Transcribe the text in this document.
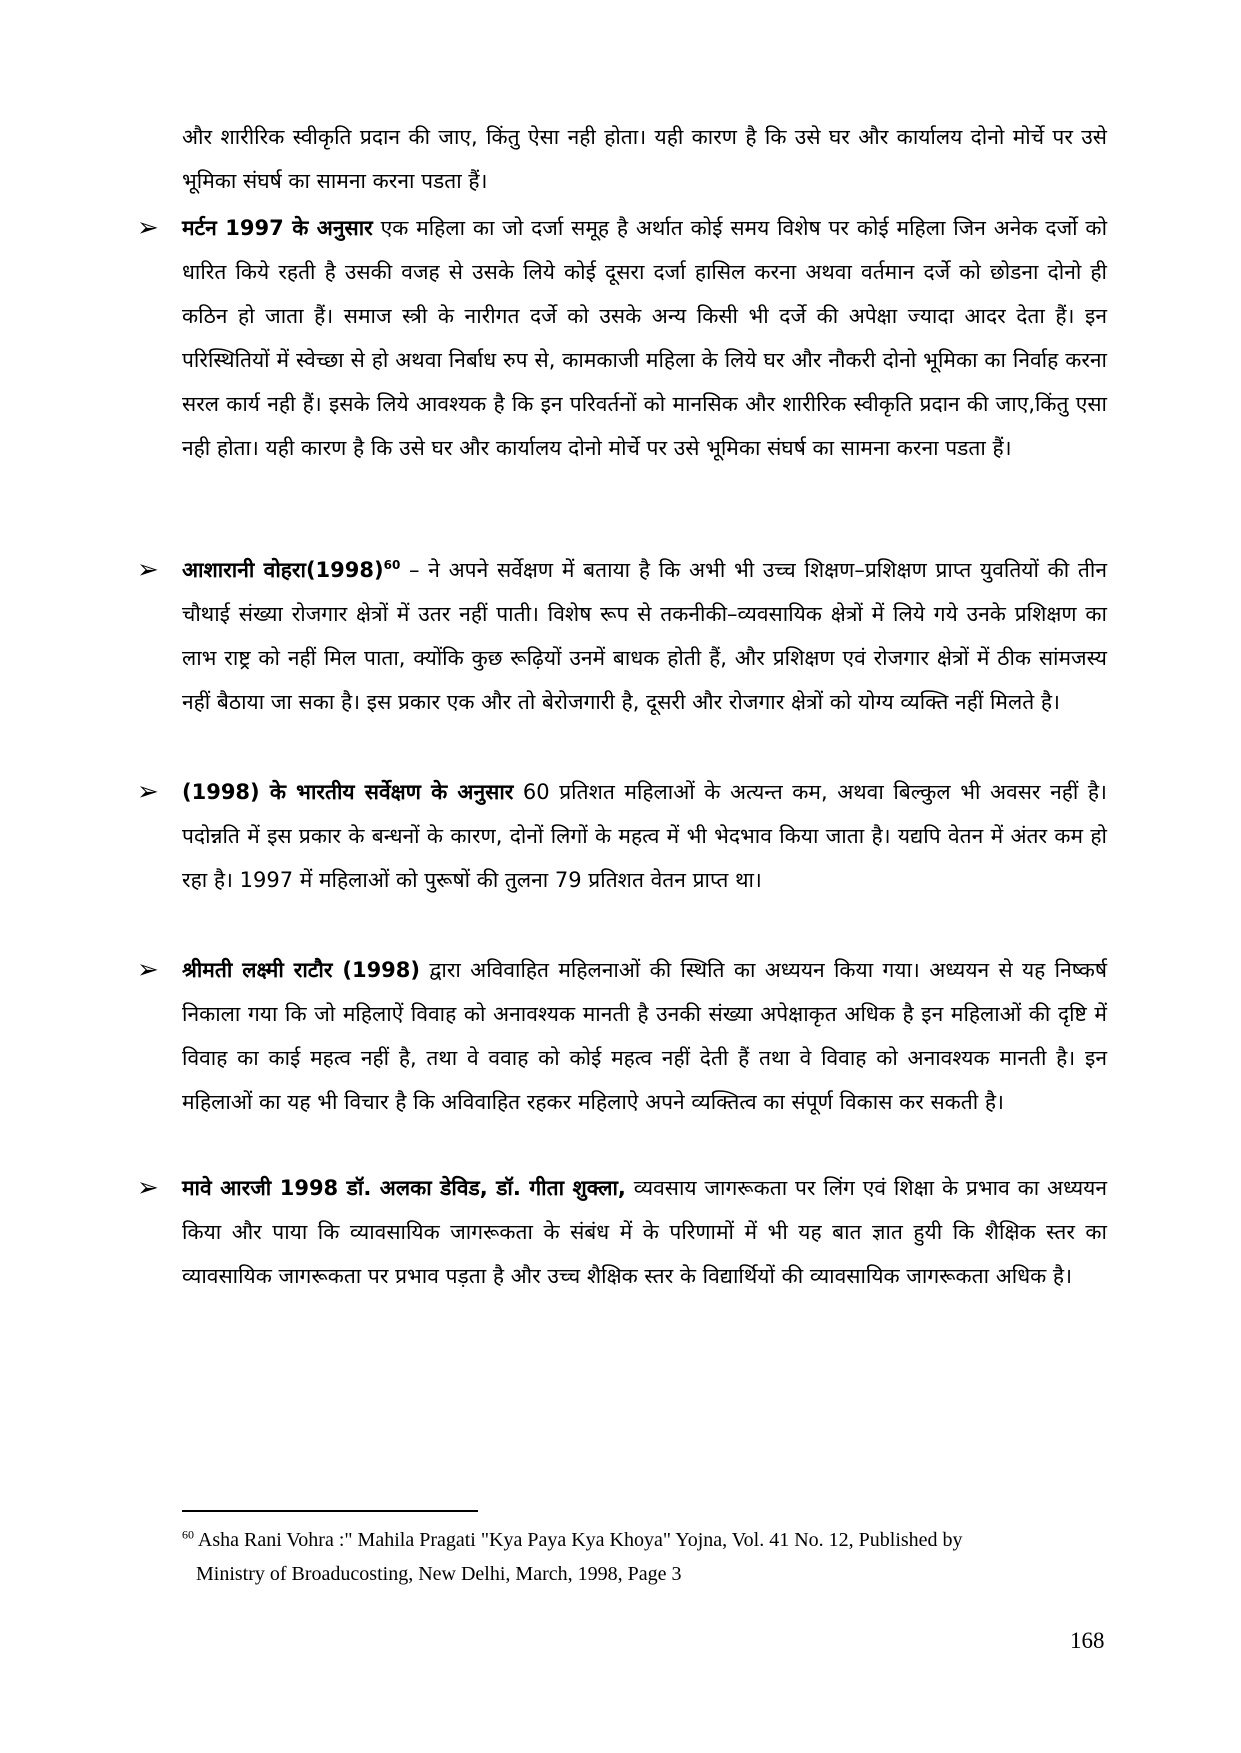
और शारीरिक स्वीकृति प्रदान की जाए, किंतु ऐसा नही होता। यही कारण है कि उसे घर और कार्यालय दोनो मोर्चे पर उसे भूमिका संघर्ष का सामना करना पडता हैं।
➢	मर्टन 1997 के अनुसार एक महिला का जो दर्जा समूह है अर्थात कोई समय विशेष पर कोई महिला जिन अनेक दर्जो को धारित किये रहती है उसकी वजह से उसके लिये कोई दूसरा दर्जा हासिल करना अथवा वर्तमान दर्जे को छोडना दोनो ही कठिन हो जाता हैं। समाज स्त्री के नारीगत दर्जे को उसके अन्य किसी भी दर्जे की अपेक्षा ज्यादा आदर देता हैं। इन परिस्थितियों में स्वेच्छा से हो अथवा निर्बाध रुप से, कामकाजी महिला के लिये घर और नौकरी दोनो भूमिका का निर्वाह करना सरल कार्य नही हैं। इसके लिये आवश्यक है कि इन परिवर्तनों को मानसिक और शारीरिक स्वीकृति प्रदान की जाए,किंतु एसा नही होता। यही कारण है कि उसे घर और कार्यालय दोनो मोर्चे पर उसे भूमिका संघर्ष का सामना करना पडता हैं।
➢	आशारानी $वोहरा(1998)^{60}$ – ने अपने सर्वेक्षण में बताया है कि अभी भी उच्च शिक्षण–प्रशिक्षण प्राप्त युवतियों की तीन चौथाई संख्या रोजगार क्षेत्रों में उतर नहीं पाती। विशेष रूप से तकनीकी–व्यवसायिक क्षेत्रों में लिये गये उनके प्रशिक्षण का लाभ राष्ट्र को नहीं मिल पाता, क्योंकि कुछ रूढ़ियों उनमें बाधक होती हैं, और प्रशिक्षण एवं रोजगार क्षेत्रों में ठीक सांमजस्य नहीं बैठाया जा सका है। इस प्रकार एक और तो बेरोजगारी है, दूसरी और रोजगार क्षेत्रों को योग्य व्यक्ति नहीं मिलते है।
➢	(1998) के भारतीय सर्वेक्षण के अनुसार 60 प्रतिशत महिलाओं के अत्यन्त कम, अथवा बिल्कुल भी अवसर नहीं है। पदोन्नति में इस प्रकार के बन्धनों के कारण, दोनों लिगों के महत्व में भी भेदभाव किया जाता है। यद्यपि वेतन में अंतर कम हो रहा है। 1997 में महिलाओं को पुरूषों की तुलना 79 प्रतिशत वेतन प्राप्त था।
➢	श्रीमती लक्ष्मी राटौर (1998) द्वारा अविवाहित महिलनाओं की स्थिति का अध्ययन किया गया। अध्ययन से यह निष्कर्ष निकाला गया कि जो महिलाऐं विवाह को अनावश्यक मानती है उनकी संख्या अपेक्षाकृत अधिक है इन महिलाओं की दृष्टि में विवाह का काई महत्व नहीं है, तथा वे ववाह को कोई महत्व नहीं देती हैं तथा वे विवाह को अनावश्यक मानती है। इन महिलाओं का यह भी विचार है कि अविवाहित रहकर महिलाऐ अपने व्यक्तित्व का संपूर्ण विकास कर सकती है।
➢	मावे आरजी 1998 डॉ. अलका डेविड, डॉ. गीता शुक्ला, व्यवसाय जागरूकता पर लिंग एवं शिक्षा के प्रभाव का अध्ययन किया और पाया कि व्यावसायिक जागरूकता के संबंध में के परिणामों में भी यह बात ज्ञात हुयी कि शैक्षिक स्तर का व्यावसायिक जागरूकता पर प्रभाव पड़ता है और उच्च शैक्षिक स्तर के विद्यार्थियों की व्यावसायिक जागरूकता अधिक है।
$^{60}$ Asha Rani Vohra :" Mahila Pragati "Kya Paya Kya Khoya" Yojna, Vol. 41 No. 12, Published by
Ministry of Broaducosting, New Delhi, March, 1998, Page 3
168
